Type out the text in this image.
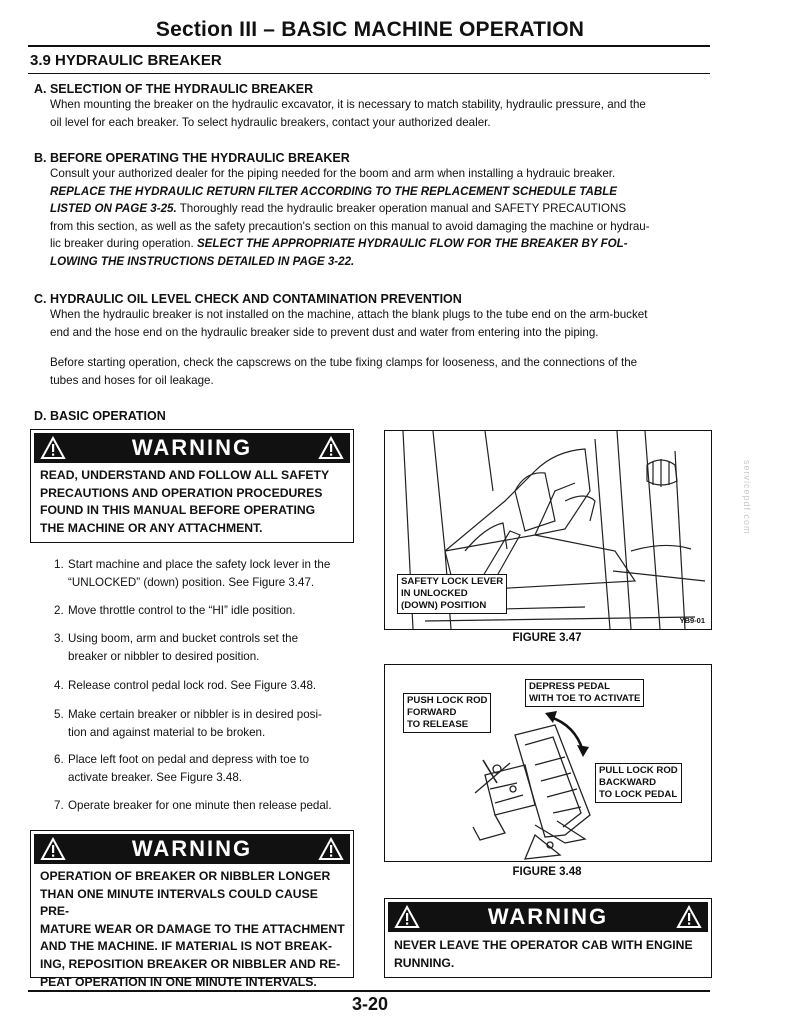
Section III – BASIC MACHINE OPERATION
3.9 HYDRAULIC BREAKER
A. SELECTION OF THE HYDRAULIC BREAKER
When mounting the breaker on the hydraulic excavator, it is necessary to match stability, hydraulic pressure, and the
oil level for each breaker. To select hydraulic breakers, contact your authorized dealer.
B. BEFORE OPERATING THE HYDRAULIC BREAKER
Consult your authorized dealer for the piping needed for the boom and arm when installing a hydrauic breaker.
REPLACE THE HYDRAULIC RETURN FILTER ACCORDING TO THE REPLACEMENT SCHEDULE TABLE
LISTED ON PAGE 3-25. Thoroughly read the hydraulic breaker operation manual and SAFETY PRECAUTIONS
from this section, as well as the safety precaution's section on this manual to avoid damaging the machine or hydrau-
lic breaker during operation. SELECT THE APPROPRIATE HYDRAULIC FLOW FOR THE BREAKER BY FOL-
LOWING THE INSTRUCTIONS DETAILED IN PAGE 3-22.
C. HYDRAULIC OIL LEVEL CHECK AND CONTAMINATION PREVENTION
When the hydraulic breaker is not installed on the machine, attach the blank plugs to the tube end on the arm-bucket
end and the hose end on the hydraulic breaker side to prevent dust and water from entering into the piping.
Before starting operation, check the capscrews on the tube fixing clamps for looseness, and the connections of the
tubes and hoses for oil leakage.
D. BASIC OPERATION
WARNING
READ, UNDERSTAND AND FOLLOW ALL SAFETY
PRECAUTIONS AND OPERATION PROCEDURES
FOUND IN THIS MANUAL BEFORE OPERATING
THE MACHINE OR ANY ATTACHMENT.
1. Start machine and place the safety lock lever in the
“UNLOCKED” (down) position. See Figure 3.47.
2. Move throttle control to the “HI” idle position.
3. Using boom, arm and bucket controls set the
breaker or nibbler to desired position.
4. Release control pedal lock rod. See Figure 3.48.
5. Make certain breaker or nibbler is in desired posi-
tion and against material to be broken.
6. Place left foot on pedal and depress with toe to
activate breaker. See Figure 3.48.
7. Operate breaker for one minute then release pedal.
WARNING
OPERATION OF BREAKER OR NIBBLER LONGER
THAN ONE MINUTE INTERVALS COULD CAUSE PRE-
MATURE WEAR OR DAMAGE TO THE ATTACHMENT
AND THE MACHINE. IF MATERIAL IS NOT BREAK-
ING, REPOSITION BREAKER OR NIBBLER AND RE-
PEAT OPERATION IN ONE MINUTE INTERVALS.
SAFETY LOCK LEVER
IN UNLOCKED
(DOWN) POSITION
YB9-01
FIGURE 3.47
PUSH LOCK ROD
FORWARD
TO RELEASE
DEPRESS PEDAL
WITH TOE TO ACTIVATE
PULL LOCK ROD
BACKWARD
TO LOCK PEDAL
FIGURE 3.48
WARNING
NEVER LEAVE THE OPERATOR CAB WITH ENGINE
RUNNING.
servicepdf.com
3-20
